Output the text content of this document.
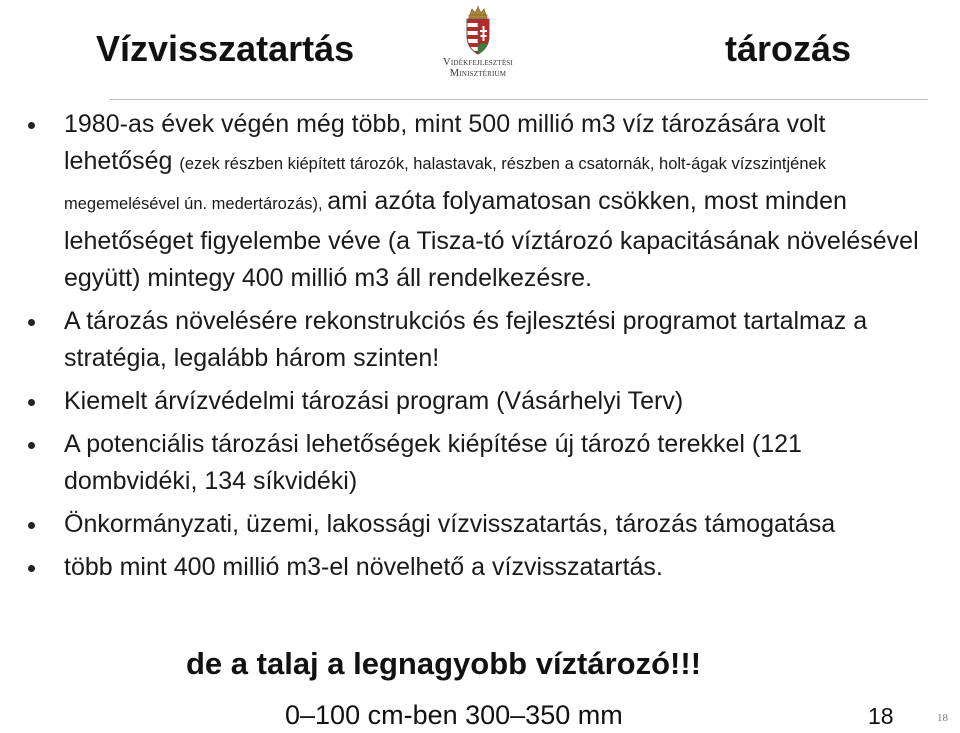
Vízvisszatartás	Vidékfejlesztési
Minisztérium
tározás
1980-as évek végén még több, mint 500 millió m3 víz tározására volt lehetőség (ezek részben kiépített tározók, halastavak, részben a csatornák, holt-ágak vízszintjének megemelésével ún. medertározás), ami azóta folyamatosan csökken, most minden lehetőséget figyelembe véve (a Tisza-tó víztározó kapacitásának növelésével együtt) mintegy 400 millió m3 áll rendelkezésre.
A tározás növelésére rekonstrukciós és fejlesztési programot tartalmaz a stratégia, legalább három szinten!
Kiemelt árvízvédelmi tározási program (Vásárhelyi Terv)
A potenciális tározási lehetőségek kiépítése új tározó terekkel (121 dombvidéki, 134 síkvidéki)
Önkormányzati, üzemi, lakossági vízvisszatartás, tározás támogatása
több mint 400 millió m3-el növelhető a vízvisszatartás.
de a talaj a legnagyobb víztározó!!!
0–100 cm-ben 300–350 mm	18	18
